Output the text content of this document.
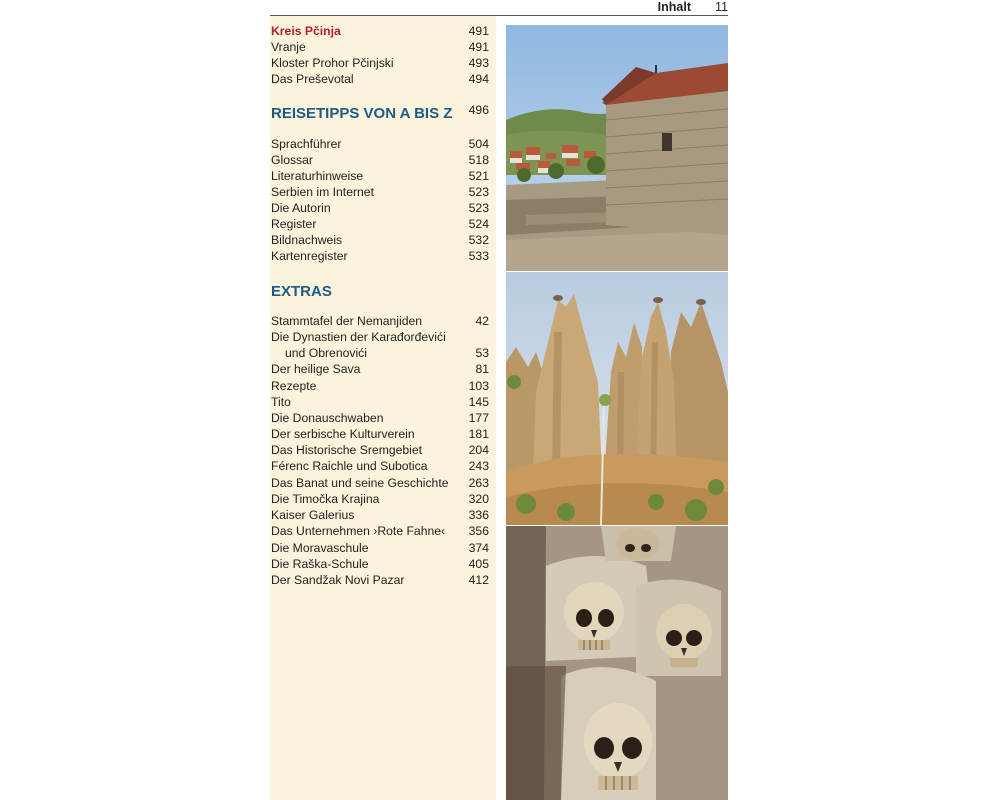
Inhalt 11
Kreis Pčinja	491
Vranje	491
Kloster Prohor Pčinjski	493
Das Preševotal	494
REISETIPPS VON A BIS Z 496
Sprachführer	504
Glossar	518
Literaturhinweise	521
Serbien im Internet	523
Die Autorin	523
Register	524
Bildnachweis	532
Kartenregister	533
EXTRAS
Stammtafel der Nemanjiden	42
Die Dynastien der Karađorđevići
und Obrenovići	53
Der heilige Sava	81
Rezepte	103
Tito	145
Die Donauschwaben	177
Der serbische Kulturverein	181
Das Historische Sremgebiet	204
Férenc Raichle und Subotica	243
Das Banat und seine Geschichte 263
Die Timočka Krajina	320
Kaiser Galerius	336
Das Unternehmen ›Rote Fahne‹ 356
Die Moravaschule	374
Die Raška-Schule	405
Der Sandžak Novi Pazar	412
